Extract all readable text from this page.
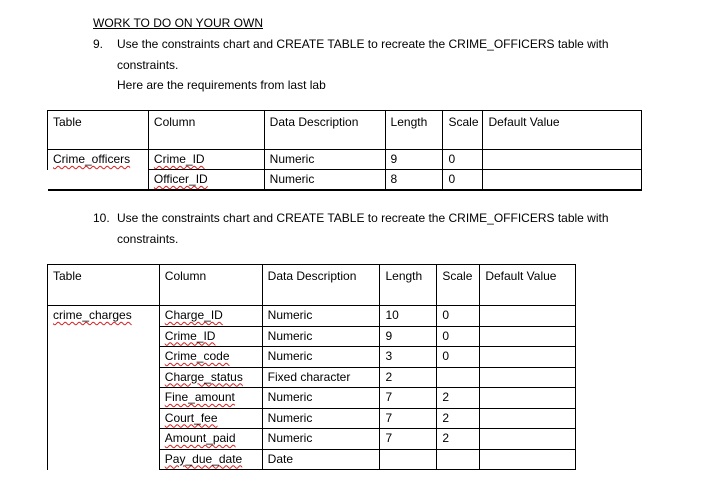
WORK TO DO ON YOUR OWN
9. Use the constraints chart and CREATE TABLE to recreate the CRIME_OFFICERS table with
constraints.
Here are the requirements from last lab
Table	Column	Data Description	Length	Scale	Default Value
Crime_officers	Crime_ID	Numeric	9	0	
	Officer_ID	Numeric	8	0	
10. Use the constraints chart and CREATE TABLE to recreate the CRIME_OFFICERS table with
constraints.
Table	Column	Data Description	Length	Scale	Default Value
crime_charges	Charge_ID	Numeric	10	0	
	Crime_ID	Numeric	9	0	
	Crime_code	Numeric	3	0	
	Charge_status	Fixed character	2		
	Fine_amount	Numeric	7	2	
	Court_fee	Numeric	7	2	
	Amount_paid	Numeric	7	2	
	Pay_due_date	Date			
